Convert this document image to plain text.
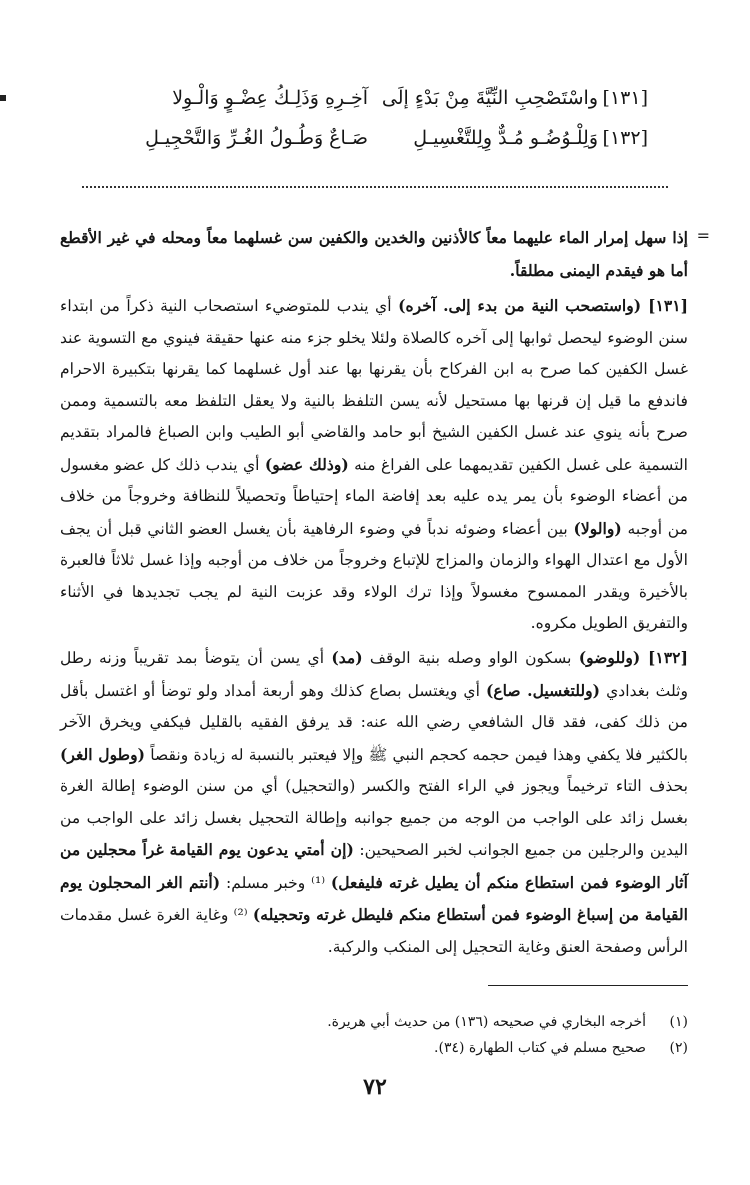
[١٣١]
واسْتَصْحِبِ النِّيَّةَ مِنْ بَدْءٍ إلَى
آخِـرِهِ وَذَلِـكُ عِضْـوٍ وَالْـوِلا
[١٣٢]
وَلِلْـوُضُـو مُـدٌّ وِلِلتَّغْسِيـلِ
صَـاعٌ وَطُـولُ الغُـرِّ وَالتَّحْجِيـلِ
=
إذا سهل إمرار الماء عليهما معاً كالأذنين والخدين والكفين سن غسلهما معاً ومحله في غير الأقطع أما هو فيقدم اليمنى مطلقاً.
[١٣١] (واستصحب النية من بدء إلى. آخره) أي يندب للمتوضيء استصحاب النية ذكراً من ابتداء سنن الوضوء ليحصل ثوابها إلى آخره كالصلاة ولئلا يخلو جزء منه عنها حقيقة فينوي مع التسوية عند غسل الكفين كما صرح به ابن الفركاح بأن يقرنها بها عند أول غسلهما كما يقرنها بتكبيرة الاحرام فاندفع ما قيل إن قرنها بها مستحيل لأنه يسن التلفظ بالنية ولا يعقل التلفظ معه بالتسمية وممن صرح بأنه ينوي عند غسل الكفين الشيخ أبو حامد والقاضي أبو الطيب وابن الصباغ فالمراد بتقديم التسمية على غسل الكفين تقديمهما على الفراغ منه (وذلك عضو) أي يندب ذلك كل عضو مغسول من أعضاء الوضوء بأن يمر يده عليه بعد إفاضة الماء إحتياطاً وتحصيلاً للنظافة وخروجاً من خلاف من أوجبه (والولا) بين أعضاء وضوئه ندباً في وضوء الرفاهية بأن يغسل العضو الثاني قبل أن يجف الأول مع اعتدال الهواء والزمان والمزاج للإتباع وخروجاً من خلاف من أوجبه وإذا غسل ثلاثاً فالعبرة بالأخيرة ويقدر الممسوح مغسولاً وإذا ترك الولاء وقد عزبت النية لم يجب تجديدها في الأثناء والتفريق الطويل مكروه.
[١٣٢] (وللوضو) بسكون الواو وصله بنية الوقف (مد) أي يسن أن يتوضأ بمد تقريباً وزنه رطل وثلث بغدادي (وللتغسيل. صاع) أي ويغتسل بصاع كذلك وهو أربعة أمداد ولو توضأ أو اغتسل بأقل من ذلك كفى، فقد قال الشافعي رضي الله عنه: قد يرفق الفقيه بالقليل فيكفي ويخرق الآخر بالكثير فلا يكفي وهذا فيمن حجمه كحجم النبي ﷺ وإلا فيعتبر بالنسبة له زيادة ونقصاً (وطول الغر) بحذف التاء ترخيماً ويجوز في الراء الفتح والكسر (والتحجيل) أي من سنن الوضوء إطالة الغرة بغسل زائد على الواجب من الوجه من جميع جوانبه وإطالة التحجيل بغسل زائد على الواجب من اليدين والرجلين من جميع الجوانب لخبر الصحيحين: (إن أمتي يدعون يوم القيامة غراً محجلين من آثار الوضوء فمن استطاع منكم أن يطيل غرته فليفعل) ⁽¹⁾ وخبر مسلم: (أنتم الغر المحجلون يوم القيامة من إسباغ الوضوء فمن أستطاع منكم فليطل غرته وتحجيله) ⁽²⁾ وغاية الغرة غسل مقدمات الرأس وصفحة العنق وغاية التحجيل إلى المنكب والركبة.
(١)أخرجه البخاري في صحيحه (١٣٦) من حديث أبي هريرة.
(٢)صحيح مسلم في كتاب الطهارة (٣٤).
٧٢
